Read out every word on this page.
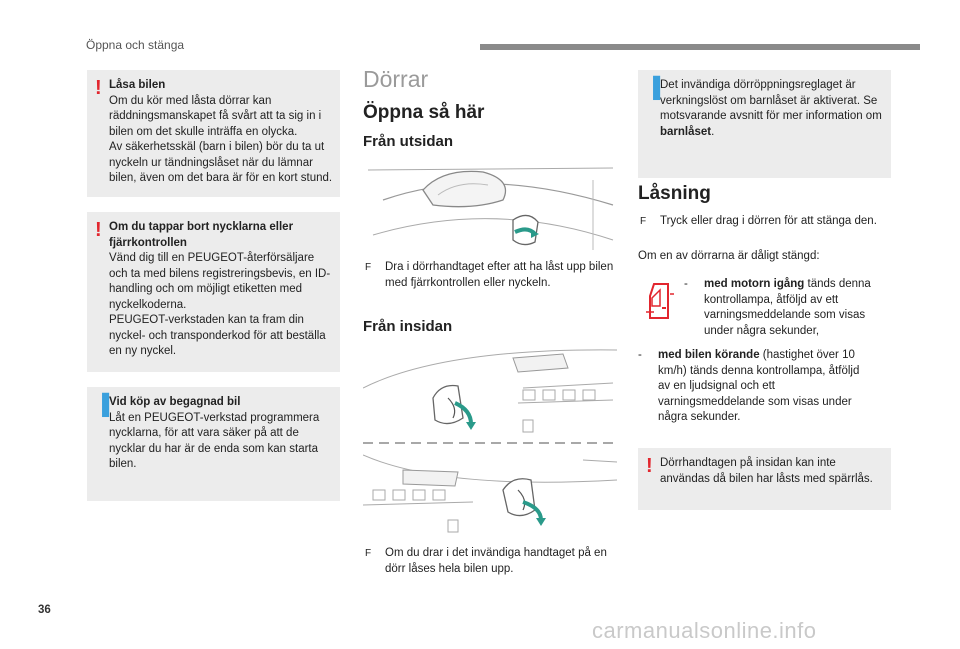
Öppna och stänga
! Låsa bilen
Om du kör med låsta dörrar kan räddningsmanskapet få svårt att ta sig in i bilen om det skulle inträffa en olycka.
Av säkerhetsskäl (barn i bilen) bör du ta ut nyckeln ur tändningslåset när du lämnar bilen, även om det bara är för en kort stund.
! Om du tappar bort nycklarna eller fjärrkontrollen
Vänd dig till en PEUGEOT-återförsäljare och ta med bilens registreringsbevis, en ID-handling och om möjligt etiketten med nyckelkoderna.
PEUGEOT-verkstaden kan ta fram din nyckel- och transponderkod för att beställa en ny nyckel.
▐ Vid köp av begagnad bil
Låt en PEUGEOT-verkstad programmera nycklarna, för att vara säker på att de nycklar du har är de enda som kan starta bilen.
Dörrar
Öppna så här
Från utsidan
F	Dra i dörrhandtaget efter att ha låst upp bilen med fjärrkontrollen eller nyckeln.
Från insidan
F	Om du drar i det invändiga handtaget på en dörr låses hela bilen upp.
▐ Det invändiga dörröppningsreglaget är verkningslöst om barnlåset är aktiverat. Se motsvarande avsnitt för mer information om barnlåset.
Låsning
F	Tryck eller drag i dörren för att stänga den.
Om en av dörrarna är dåligt stängd:
-	med motorn igång tänds denna kontrollampa, åtföljd av ett varningsmeddelande som visas under några sekunder,
-	med bilen körande (hastighet över 10 km/h) tänds denna kontrollampa, åtföljd av en ljudsignal och ett varningsmeddelande som visas under några sekunder.
! Dörrhandtagen på insidan kan inte användas då bilen har låsts med spärrlås.
36
carmanualsonline.info
